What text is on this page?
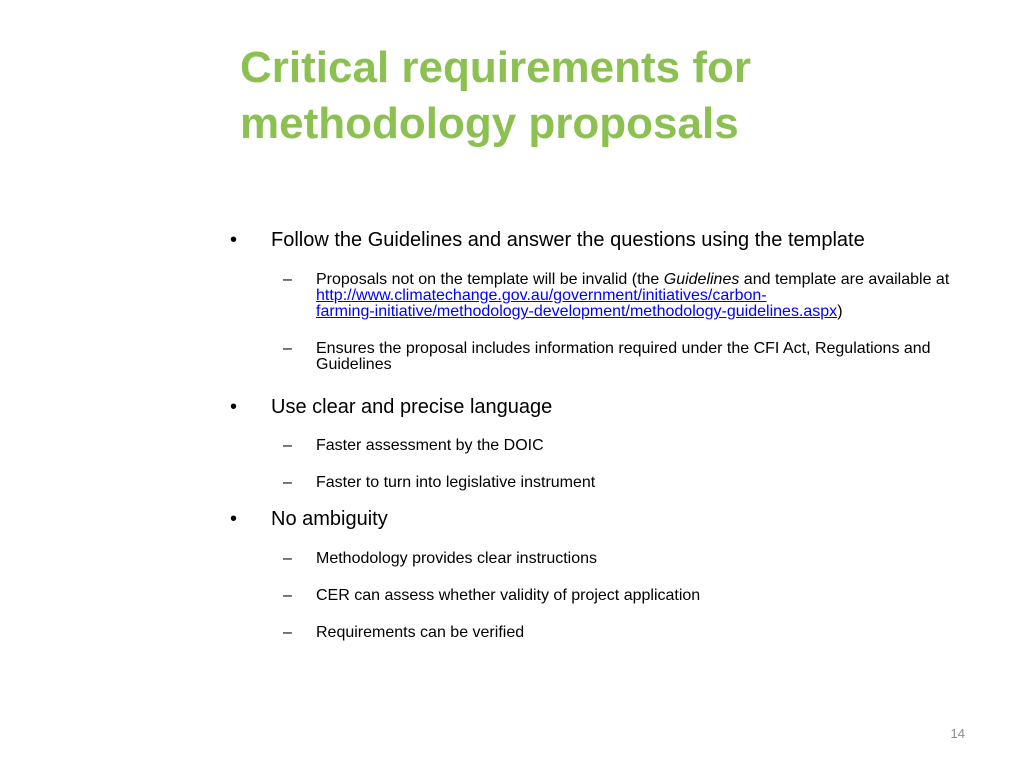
Critical requirements for
methodology proposals
• Follow the Guidelines and answer the questions using the template
– Proposals not on the template will be invalid (the Guidelines and template are available at http://www.climatechange.gov.au/government/initiatives/carbon-
farming-initiative/methodology-development/methodology-guidelines.aspx)
– Ensures the proposal includes information required under the CFI Act, Regulations and Guidelines
• Use clear and precise language
– Faster assessment by the DOIC
– Faster to turn into legislative instrument
• No ambiguity
– Methodology provides clear instructions
– CER can assess whether validity of project application
– Requirements can be verified
14
